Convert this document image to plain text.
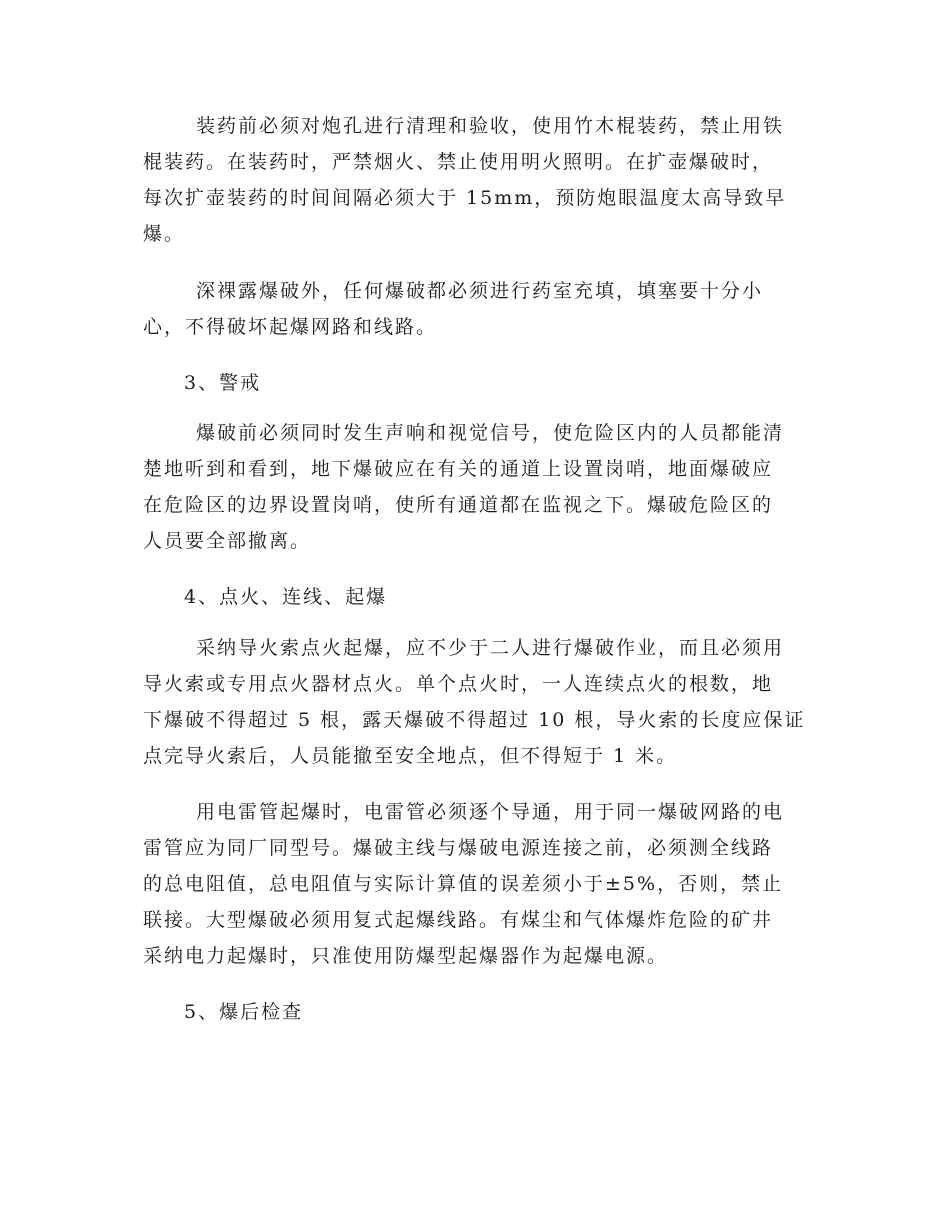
装药前必须对炮孔进行清理和验收，使用竹木棍装药，禁止用铁
棍装药。在装药时，严禁烟火、禁止使用明火照明。在扩壶爆破时，
每次扩壶装药的时间间隔必须大于 15mm，预防炮眼温度太高导致早
爆。
深裸露爆破外，任何爆破都必须进行药室充填，填塞要十分小
心，不得破坏起爆网路和线路。
3、警戒
爆破前必须同时发生声响和视觉信号，使危险区内的人员都能清
楚地听到和看到，地下爆破应在有关的通道上设置岗哨，地面爆破应
在危险区的边界设置岗哨，使所有通道都在监视之下。爆破危险区的
人员要全部撤离。
4、点火、连线、起爆
采纳导火索点火起爆，应不少于二人进行爆破作业，而且必须用
导火索或专用点火器材点火。单个点火时，一人连续点火的根数，地
下爆破不得超过 5 根，露天爆破不得超过 10 根，导火索的长度应保证
点完导火索后，人员能撤至安全地点，但不得短于 1 米。
用电雷管起爆时，电雷管必须逐个导通，用于同一爆破网路的电
雷管应为同厂同型号。爆破主线与爆破电源连接之前，必须测全线路
的总电阻值，总电阻值与实际计算值的误差须小于±5%，否则，禁止
联接。大型爆破必须用复式起爆线路。有煤尘和气体爆炸危险的矿井
采纳电力起爆时，只准使用防爆型起爆器作为起爆电源。
5、爆后检查
